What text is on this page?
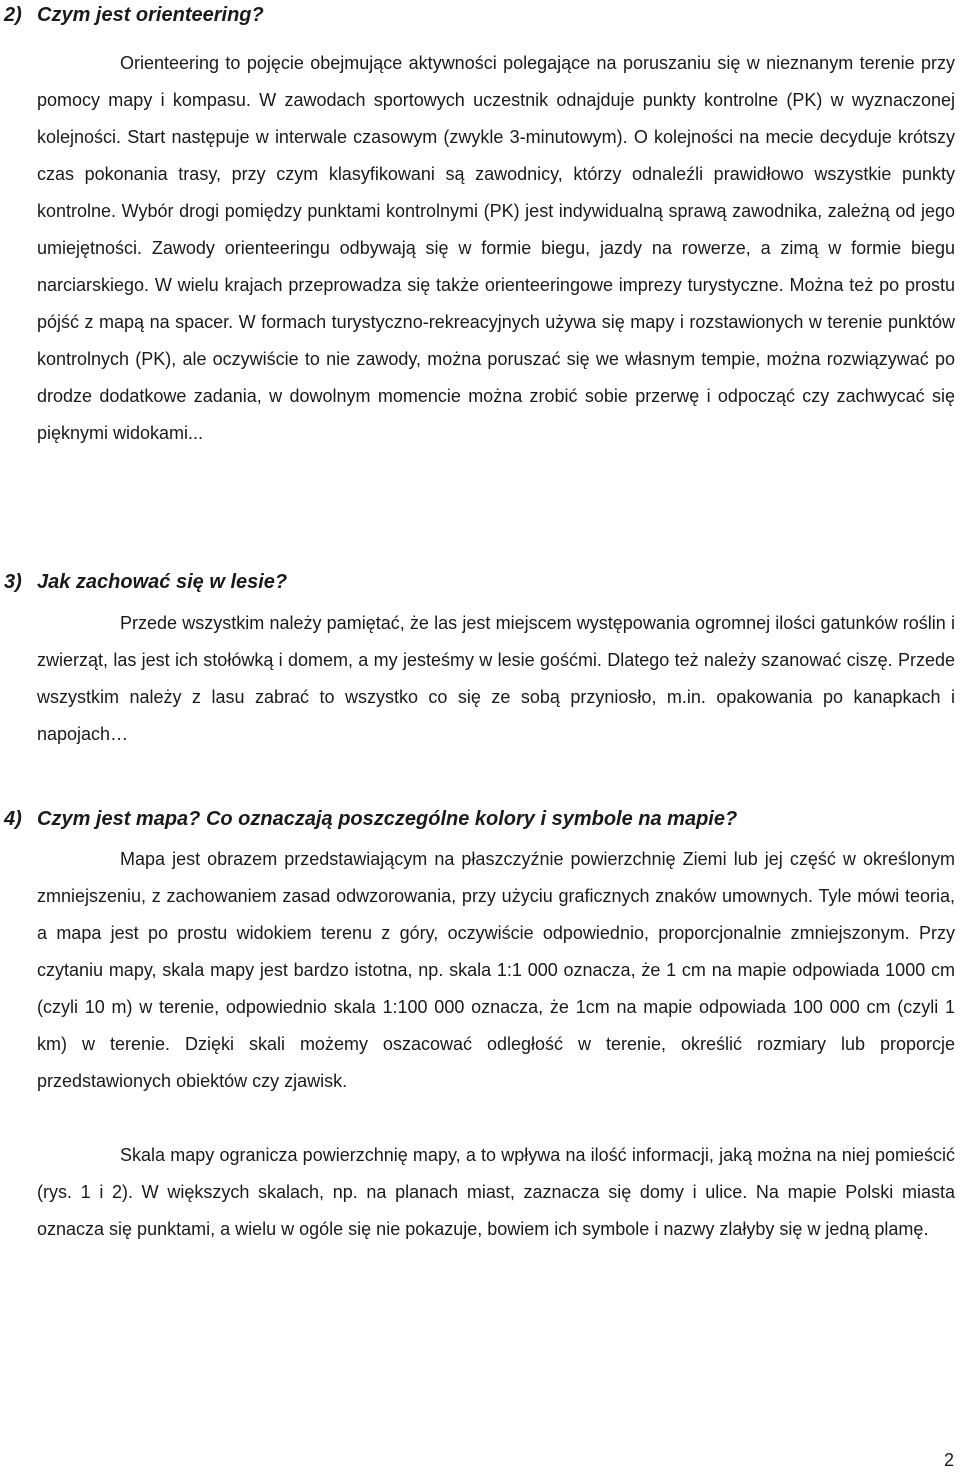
2) Czym jest orienteering?

Orienteering to pojęcie obejmujące aktywności polegające na poruszaniu się w nieznanym terenie przy pomocy mapy i kompasu. W zawodach sportowych uczestnik odnajduje punkty kontrolne (PK) w wyznaczonej kolejności. Start następuje w interwale czasowym (zwykle 3-minutowym). O kolejności na mecie decyduje krótszy czas pokonania trasy, przy czym klasyfikowani są zawodnicy, którzy odnaleźli prawidłowo wszystkie punkty kontrolne. Wybór drogi pomiędzy punktami kontrolnymi (PK) jest indywidualną sprawą zawodnika, zależną od jego umiejętności. Zawody orienteeringu odbywają się w formie biegu, jazdy na rowerze, a zimą w formie biegu narciarskiego. W wielu krajach przeprowadza się także orienteeringowe imprezy turystyczne. Można też po prostu pójść z mapą na spacer. W formach turystyczno-rekreacyjnych używa się mapy i rozstawionych w terenie punktów kontrolnych (PK), ale oczywiście to nie zawody, można poruszać się we własnym tempie, można rozwiązywać po drodze dodatkowe zadania, w dowolnym momencie można zrobić sobie przerwę i odpocząć czy zachwycać się pięknymi widokami...

3) Jak zachować się w lesie?

Przede wszystkim należy pamiętać, że las jest miejscem występowania ogromnej ilości gatunków roślin i zwierząt, las jest ich stołówką i domem, a my jesteśmy w lesie gośćmi. Dlatego też należy szanować ciszę. Przede wszystkim należy z lasu zabrać to wszystko co się ze sobą przyniosło, m.in. opakowania po kanapkach i napojach…

4) Czym jest mapa? Co oznaczają poszczególne kolory i symbole na mapie?

Mapa jest obrazem przedstawiającym na płaszczyźnie powierzchnię Ziemi lub jej część w określonym zmniejszeniu, z zachowaniem zasad odwzorowania, przy użyciu graficznych znaków umownych. Tyle mówi teoria, a mapa jest po prostu widokiem terenu z góry, oczywiście odpowiednio, proporcjonalnie zmniejszonym. Przy czytaniu mapy, skala mapy jest bardzo istotna, np. skala 1:1 000 oznacza, że 1 cm na mapie odpowiada 1000 cm (czyli 10 m) w terenie, odpowiednio skala 1:100 000 oznacza, że 1cm na mapie odpowiada 100 000 cm (czyli 1 km) w terenie. Dzięki skali możemy oszacować odległość w terenie, określić rozmiary lub proporcje przedstawionych obiektów czy zjawisk.

Skala mapy ogranicza powierzchnię mapy, a to wpływa na ilość informacji, jaką można na niej pomieścić (rys. 1 i 2). W większych skalach, np. na planach miast, zaznacza się domy i ulice. Na mapie Polski miasta oznacza się punktami, a wielu w ogóle się nie pokazuje, bowiem ich symbole i nazwy zlałyby się w jedną plamę.

2
